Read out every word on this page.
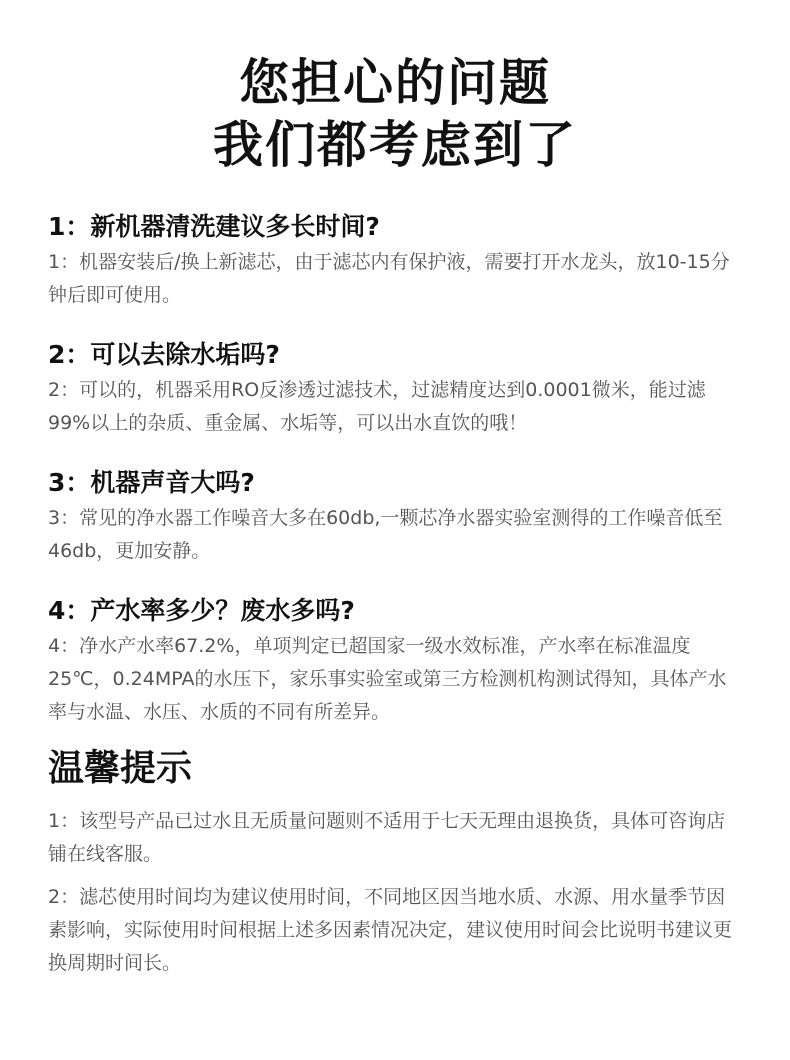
您担心的问题
我们都考虑到了

1：新机器清洗建议多长时间?

1：机器安装后/换上新滤芯，由于滤芯内有保护液，需要打开水龙头，放10-15分钟后即可使用。

2：可以去除水垢吗?

2：可以的，机器采用RO反渗透过滤技术，过滤精度达到0.0001微米，能过滤99%以上的杂质、重金属、水垢等，可以出水直饮的哦！

3：机器声音大吗?

3：常见的净水器工作噪音大多在60db,一颗芯净水器实验室测得的工作噪音低至46db，更加安静。

4：产水率多少？废水多吗?

4：净水产水率67.2%，单项判定已超国家一级水效标准，产水率在标准温度25℃，0.24MPA的水压下，家乐事实验室或第三方检测机构测试得知，具体产水率与水温、水压、水质的不同有所差异。

温馨提示

1：该型号产品已过水且无质量问题则不适用于七天无理由退换货，具体可咨询店铺在线客服。

2：滤芯使用时间均为建议使用时间，不同地区因当地水质、水源、用水量季节因素影响，实际使用时间根据上述多因素情况决定，建议使用时间会比说明书建议更换周期时间长。
